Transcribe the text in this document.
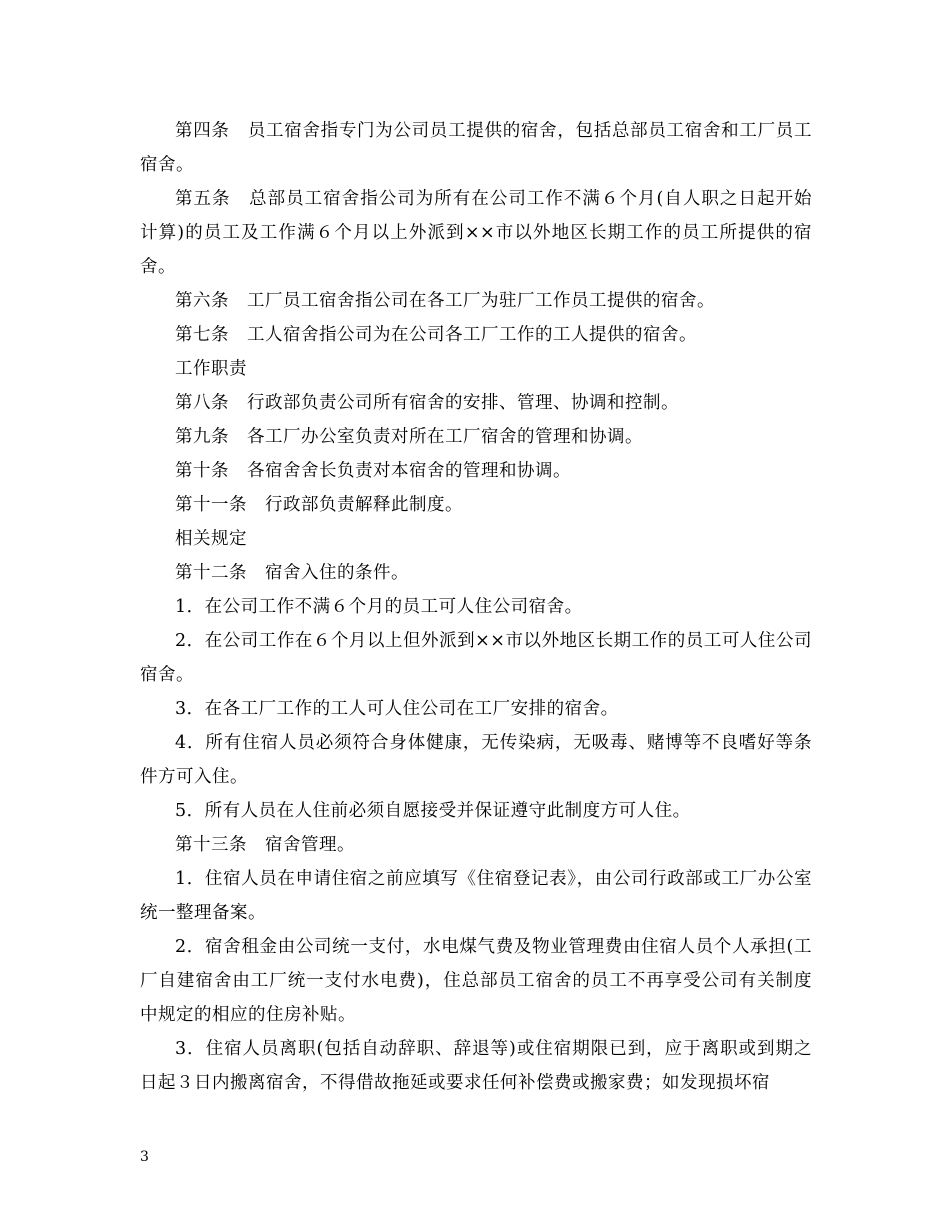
第四条　员工宿舍指专门为公司员工提供的宿舍，包括总部员工宿舍和工厂员工宿舍。

第五条　总部员工宿舍指公司为所有在公司工作不满６个月(自人职之日起开始计算)的员工及工作满６个月以上外派到××市以外地区长期工作的员工所提供的宿舍。

第六条　工厂员工宿舍指公司在各工厂为驻厂工作员工提供的宿舍。

第七条　工人宿舍指公司为在公司各工厂工作的工人提供的宿舍。

工作职责

第八条　行政部负责公司所有宿舍的安排、管理、协调和控制。

第九条　各工厂办公室负责对所在工厂宿舍的管理和协调。

第十条　各宿舍舍长负责对本宿舍的管理和协调。

第十一条　行政部负责解释此制度。

相关规定

第十二条　宿舍入住的条件。

1．在公司工作不满６个月的员工可人住公司宿舍。

2．在公司工作在６个月以上但外派到××市以外地区长期工作的员工可人住公司宿舍。

3．在各工厂工作的工人可人住公司在工厂安排的宿舍。

4．所有住宿人员必须符合身体健康，无传染病，无吸毒、赌博等不良嗜好等条件方可入住。

5．所有人员在人住前必须自愿接受并保证遵守此制度方可人住。

第十三条　宿舍管理。

1．住宿人员在申请住宿之前应填写《住宿登记表》，由公司行政部或工厂办公室统一整理备案。

2．宿舍租金由公司统一支付，水电煤气费及物业管理费由住宿人员个人承担(工厂自建宿舍由工厂统一支付水电费)，住总部员工宿舍的员工不再享受公司有关制度中规定的相应的住房补贴。

3．住宿人员离职(包括自动辞职、辞退等)或住宿期限已到，应于离职或到期之日起３日内搬离宿舍，不得借故拖延或要求任何补偿费或搬家费；如发现损坏宿

3
